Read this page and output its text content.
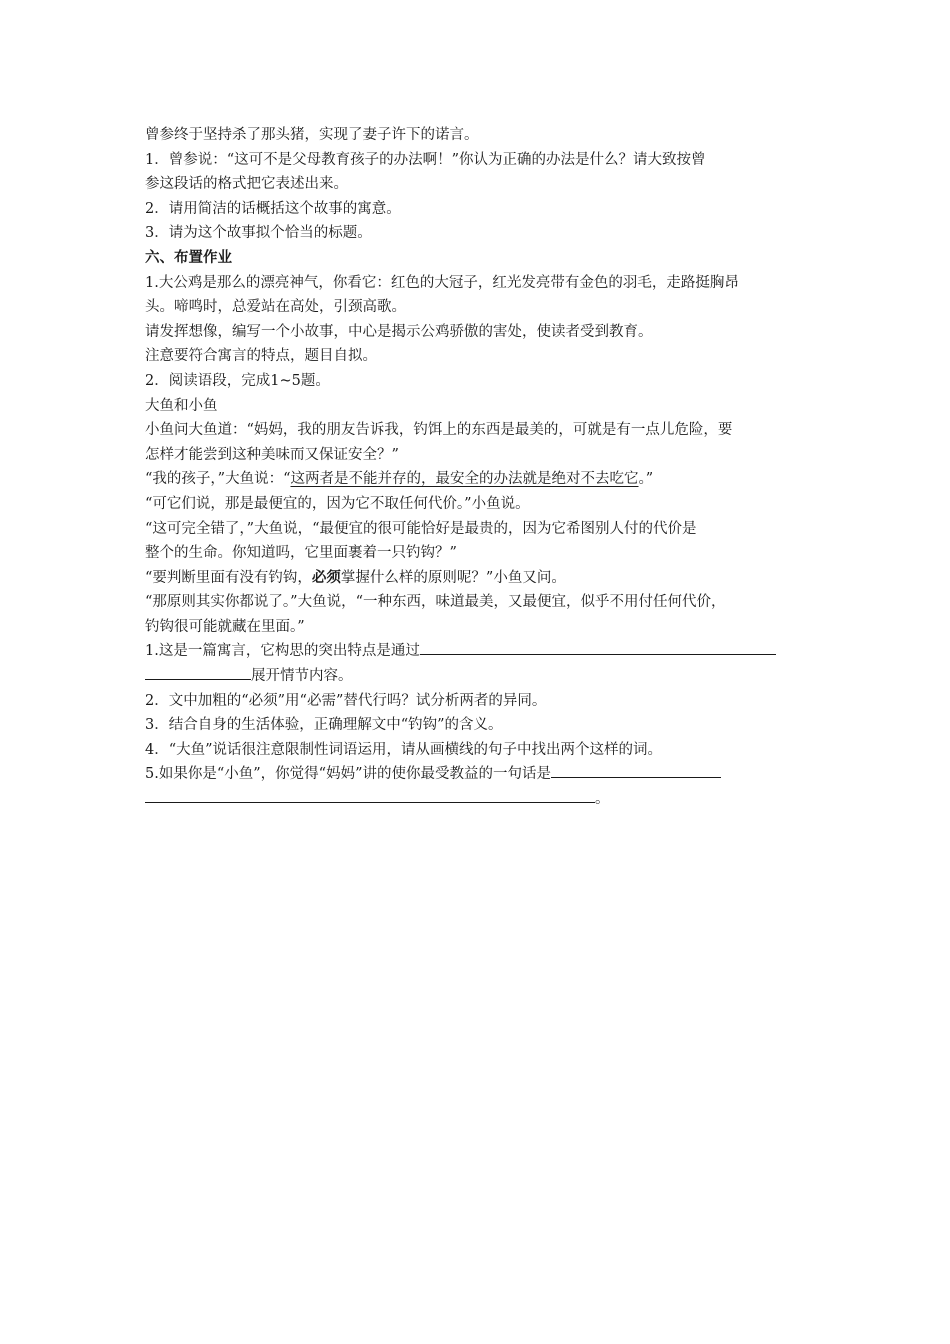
曾参终于坚持杀了那头猪，实现了妻子许下的诺言。
1．曾参说：“这可不是父母教育孩子的办法啊！”你认为正确的办法是什么？请大致按曾
参这段话的格式把它表述出来。
2．请用简洁的话概括这个故事的寓意。
3．请为这个故事拟个恰当的标题。
六、布置作业
1.大公鸡是那么的漂亮神气，你看它：红色的大冠子，红光发亮带有金色的羽毛，走路挺胸昂
头。啼鸣时，总爱站在高处，引颈高歌。
请发挥想像，编写一个小故事，中心是揭示公鸡骄傲的害处，使读者受到教育。
注意要符合寓言的特点，题目自拟。
2．阅读语段，完成1~5题。
大鱼和小鱼
小鱼问大鱼道：“妈妈，我的朋友告诉我，钓饵上的东西是最美的，可就是有一点儿危险，要
怎样才能尝到这种美味而又保证安全？”
“我的孩子，”大鱼说：“这两者是不能并存的，最安全的办法就是绝对不去吃它。”
“可它们说，那是最便宜的，因为它不取任何代价。”小鱼说。
“这可完全错了，”大鱼说，“最便宜的很可能恰好是最贵的，因为它希图别人付的代价是
整个的生命。你知道吗，它里面裹着一只钓钩？”
“要判断里面有没有钓钩，必须掌握什么样的原则呢？”小鱼又问。
“那原则其实你都说了。”大鱼说，“一种东西，味道最美，又最便宜，似乎不用付任何代价，
钓钩很可能就藏在里面。”
1.这是一篇寓言，它构思的突出特点是通过
展开情节内容。
2．文中加粗的“必须”用“必需”替代行吗？试分析两者的异同。
3．结合自身的生活体验，正确理解文中“钓钩”的含义。
4．“大鱼”说话很注意限制性词语运用，请从画横线的句子中找出两个这样的词。
5.如果你是“小鱼”，你觉得“妈妈”讲的使你最受教益的一句话是
。
